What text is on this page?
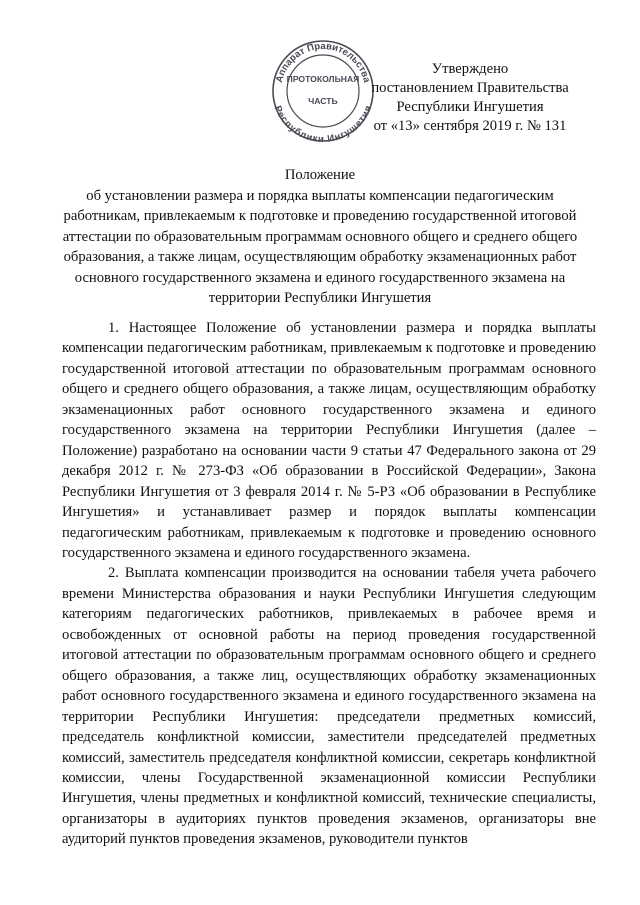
Аппарат Правительства
Республики Ингушетия
ПРОТОКОЛЬНАЯ
ЧАСТЬ
Утверждено
постановлением Правительства
Республики Ингушетия
от «13» сентября 2019 г. № 131
Положение
об установлении размера и порядка выплаты компенсации педагогическим
работникам, привлекаемым к подготовке и проведению государственной итоговой
аттестации по образовательным программам основного общего и среднего общего
образования, а также лицам, осуществляющим обработку экзаменационных работ
основного государственного экзамена и единого государственного экзамена на
территории Республики Ингушетия

1. Настоящее Положение об установлении размера и порядка выплаты компенсации педагогическим работникам, привлекаемым к подготовке и проведению государственной итоговой аттестации по образовательным программам основного общего и среднего общего образования, а также лицам, осуществляющим обработку экзаменационных работ основного государственного экзамена и единого государственного экзамена на территории Республики Ингушетия (далее – Положение) разработано на основании части 9 статьи 47 Федерального закона от 29 декабря 2012 г. № 273-ФЗ «Об образовании в Российской Федерации», Закона Республики Ингушетия от 3 февраля 2014 г. № 5-РЗ «Об образовании в Республике Ингушетия» и устанавливает размер и порядок выплаты компенсации педагогическим работникам, привлекаемым к подготовке и проведению основного государственного экзамена и единого государственного экзамена.

2. Выплата компенсации производится на основании табеля учета рабочего времени Министерства образования и науки Республики Ингушетия следующим категориям педагогических работников, привлекаемых в рабочее время и освобожденных от основной работы на период проведения государственной итоговой аттестации по образовательным программам основного общего и среднего общего образования, а также лиц, осуществляющих обработку экзаменационных работ основного государственного экзамена и единого государственного экзамена на территории Республики Ингушетия: председатели предметных комиссий, председатель конфликтной комиссии, заместители председателей предметных комиссий, заместитель председателя конфликтной комиссии, секретарь конфликтной комиссии, члены Государственной экзаменационной комиссии Республики Ингушетия, члены предметных и конфликтной комиссий, технические специалисты, организаторы в аудиториях пунктов проведения экзаменов, организаторы вне аудиторий пунктов проведения экзаменов, руководители пунктов
